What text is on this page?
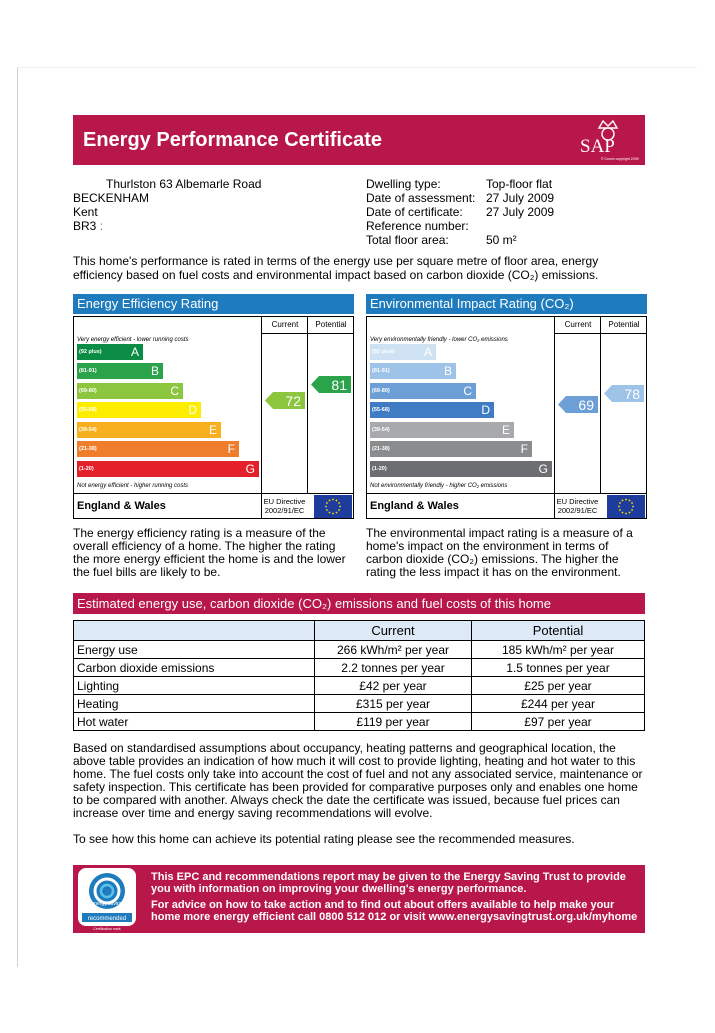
Energy Performance Certificate	SAP
© Crown copyright 2009
Thurlston 63 Albemarle Road
BECKENHAM
Kent
BR3 :
Dwelling type:	Top-floor flat
Date of assessment: 27 July 2009
Date of certificate:	27 July 2009
Reference number:
Total floor area:	50 m²
This home's performance is rated in terms of the energy use per square metre of floor area, energy efficiency based on fuel costs and environmental impact based on carbon dioxide (CO₂) emissions.
Energy Efficiency Rating
Current	Potential
Very energy efficient - lower running costs
(92 plus) A
(81-91)	B
(69-80)	C
(55-68)	D
(39-54)	E
(21-38)	F
(1-20)	G
Not energy efficient - higher running costs
72
81
England & Wales	EU Directive 2002/91/EC
Environmental Impact Rating (CO₂)
Current	Potential
Very environmentally friendly - lower CO₂ emissions
(92 plus) A
(81-91)	B
(69-80)	C
(55-68)	D
(39-54)	E
(21-38)	F
(1-20)	G
Not environmentally friendly - higher CO₂ emissions
69
78
England & Wales	EU Directive 2002/91/EC
The energy efficiency rating is a measure of the overall efficiency of a home. The higher the rating the more energy efficient the home is and the lower the fuel bills are likely to be.
The environmental impact rating is a measure of a home's impact on the environment in terms of carbon dioxide (CO₂) emissions. The higher the rating the less impact it has on the environment.
Estimated energy use, carbon dioxide (CO₂) emissions and fuel costs of this home
	Current	Potential
Energy use	266 kWh/m² per year	185 kWh/m² per year
Carbon dioxide emissions	2.2 tonnes per year	1.5 tonnes per year
Lighting	£42 per year	£25 per year
Heating	£315 per year	£244 per year
Hot water	£119 per year	£97 per year
Based on standardised assumptions about occupancy, heating patterns and geographical location, the above table provides an indication of how much it will cost to provide lighting, heating and hot water to this home. The fuel costs only take into account the cost of fuel and not any associated service, maintenance or safety inspection. This certificate has been provided for comparative purposes only and enables one home to be compared with another. Always check the date the certificate was issued, because fuel prices can increase over time and energy saving recommendations will evolve.
To see how this home can achieve its potential rating please see the recommended measures.
energy saving
recommended
Certification mark
This EPC and recommendations report may be given to the Energy Saving Trust to provide you with information on improving your dwelling's energy performance.
For advice on how to take action and to find out about offers available to help make your home more energy efficient call 0800 512 012 or visit www.energysavingtrust.org.uk/myhome
